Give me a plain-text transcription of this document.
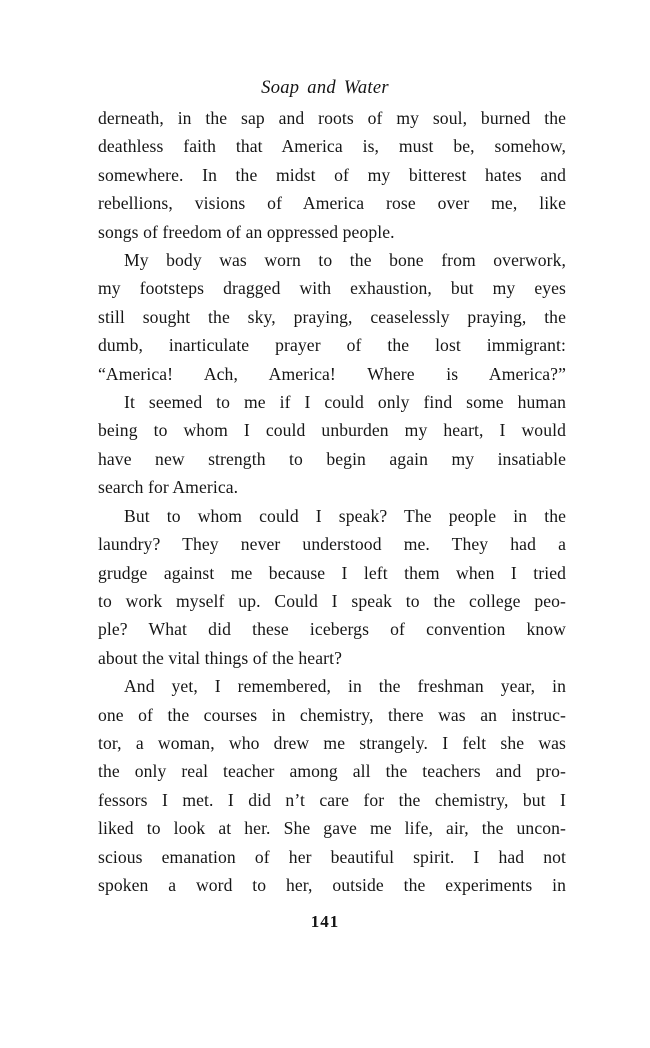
Soap and Water
derneath, in the sap and roots of my soul, burned the
deathless faith that America is, must be, somehow,
somewhere. In the midst of my bitterest hates and
rebellions, visions of America rose over me, like
songs of freedom of an oppressed people.
My body was worn to the bone from overwork,
my footsteps dragged with exhaustion, but my eyes
still sought the sky, praying, ceaselessly praying, the
dumb, inarticulate prayer of the lost immigrant:
“America! Ach, America! Where is America?”
It seemed to me if I could only find some human
being to whom I could unburden my heart, I would
have new strength to begin again my insatiable
search for America.
But to whom could I speak? The people in the
laundry? They never understood me. They had a
grudge against me because I left them when I tried
to work myself up. Could I speak to the college peo-
ple? What did these icebergs of convention know
about the vital things of the heart?
And yet, I remembered, in the freshman year, in
one of the courses in chemistry, there was an instruc-
tor, a woman, who drew me strangely. I felt she was
the only real teacher among all the teachers and pro-
fessors I met. I did n’t care for the chemistry, but I
liked to look at her. She gave me life, air, the uncon-
scious emanation of her beautiful spirit. I had not
spoken a word to her, outside the experiments in
141
